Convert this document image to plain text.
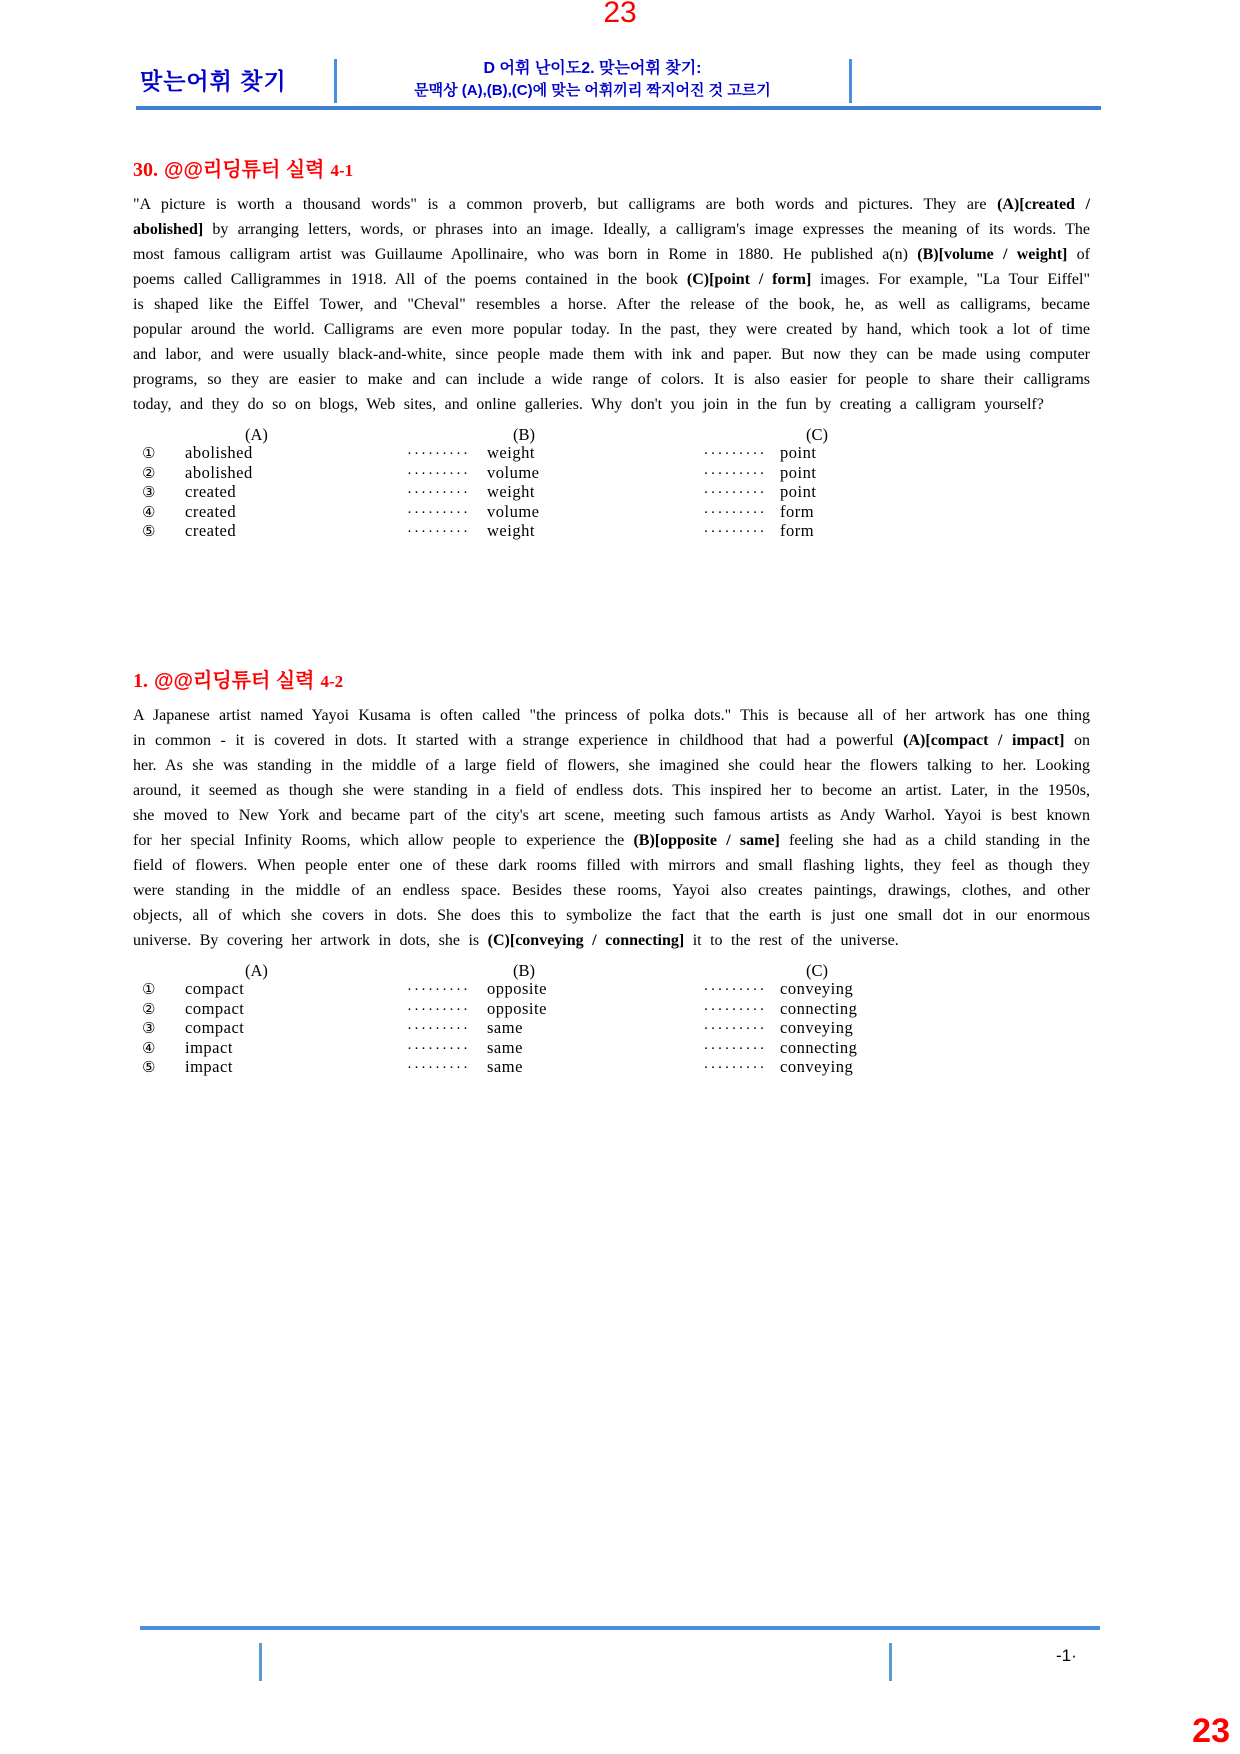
23
맞는어휘 찾기	D 어휘 난이도2. 맞는어휘 찾기:
문맥상 (A),(B),(C)에 맞는 어휘끼리 짝지어진 것 고르기
30. @@리딩튜터 실력 4-1
"A picture is worth a thousand words" is a common proverb, but calligrams are both words and pictures. They are (A)[created / abolished] by arranging letters, words, or phrases into an image. Ideally, a calligram's image expresses the meaning of its words. The most famous calligram artist was Guillaume Apollinaire, who was born in Rome in 1880. He published a(n) (B)[volume / weight] of poems called Calligrammes in 1918. All of the poems contained in the book (C)[point / form] images. For example, "La Tour Eiffel" is shaped like the Eiffel Tower, and "Cheval" resembles a horse. After the release of the book, he, as well as calligrams, became popular around the world. Calligrams are even more popular today. In the past, they were created by hand, which took a lot of time and labor, and were usually black-and-white, since people made them with ink and paper. But now they can be made using computer programs, so they are easier to make and can include a wide range of colors. It is also easier for people to share their calligrams today, and they do so on blogs, Web sites, and online galleries. Why don't you join in the fun by creating a calligram yourself?
(A)	(B)	(C)
①	abolished	·········	weight	········· point
②	abolished	·········	volume	········· point
③	created	·········	weight	········· point
④	created	·········	volume	········· form
⑤	created	·········	weight	········· form
1. @@리딩튜터 실력 4-2
A Japanese artist named Yayoi Kusama is often called "the princess of polka dots." This is because all of her artwork has one thing in common - it is covered in dots. It started with a strange experience in childhood that had a powerful (A)[compact / impact] on her. As she was standing in the middle of a large field of flowers, she imagined she could hear the flowers talking to her. Looking around, it seemed as though she were standing in a field of endless dots. This inspired her to become an artist. Later, in the 1950s, she moved to New York and became part of the city's art scene, meeting such famous artists as Andy Warhol. Yayoi is best known for her special Infinity Rooms, which allow people to experience the (B)[opposite / same] feeling she had as a child standing in the field of flowers. When people enter one of these dark rooms filled with mirrors and small flashing lights, they feel as though they were standing in the middle of an endless space. Besides these rooms, Yayoi also creates paintings, drawings, clothes, and other objects, all of which she covers in dots. She does this to symbolize the fact that the earth is just one small dot in our enormous universe. By covering her artwork in dots, she is (C)[conveying / connecting] it to the rest of the universe.
(A)	(B)	(C)
①	compact	·········	opposite	········· conveying
②	compact	·········	opposite	········· connecting
③	compact	·········	same	········· conveying
④	impact	·········	same	········· connecting
⑤	impact	·········	same	········· conveying
-1·
23
